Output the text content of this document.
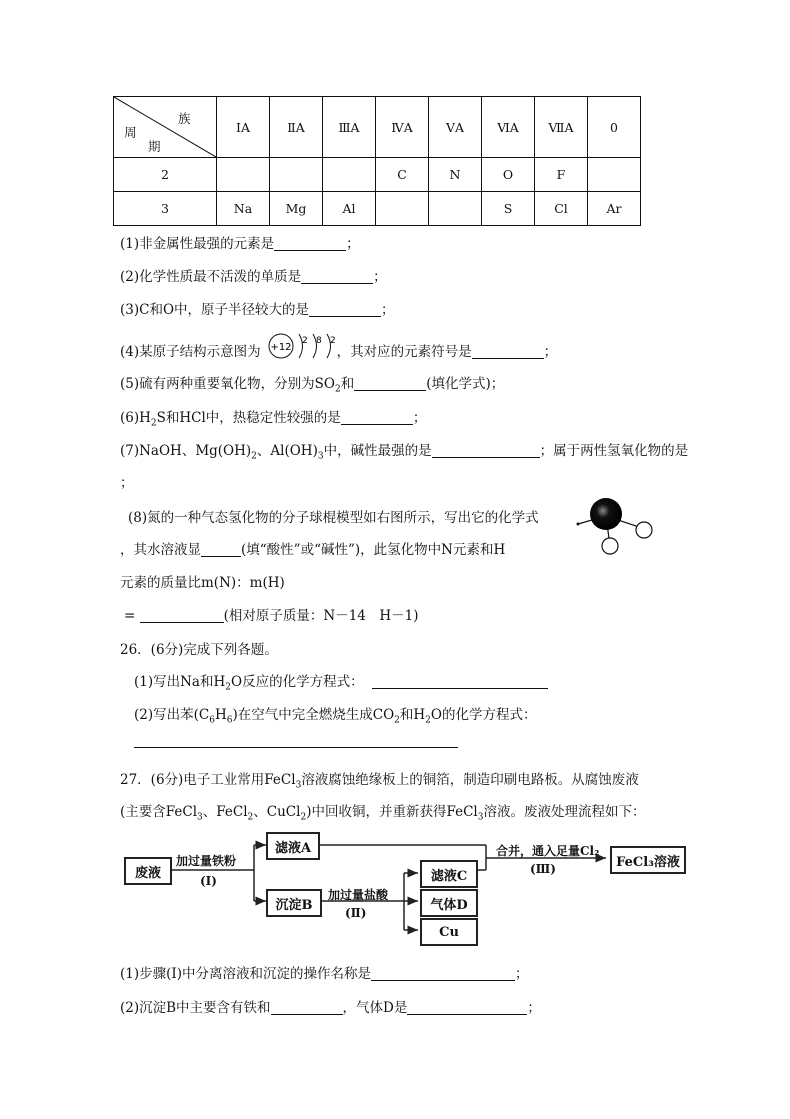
族
周
期	ⅠA	ⅡA	ⅢA	ⅣA	ⅤA	ⅥA	ⅦA	0
2				C	N	O	F	
3	Na	Mg	Al			S	Cl	Ar
(1)非金属性最强的元素是	；
(2)化学性质最不活泼的单质是	；
(3)C和O中，原子半径较大的是	；
(4)某原子结构示意图为	，其对应的元素符号是	；
+12
2 8 2
(5)硫有两种重要氧化物，分别为$SO_2$和	(填化学式)；
$(6)H_2S$和HCl中，热稳定性较强的是	；
(7)NaOH、$Mg(OH)_2$、$Al(OH)_3$中，碱性最强的是	；属于两性氢氧化物的是
；
(8)氮的一种气态氢化物的分子球棍模型如右图所示，写出它的化学式
，其水溶液显	(填“酸性”或“碱性”)，此氢化物中N元素和H
元素的质量比m(N)：m(H)
=	(相对原子质量：N－14　H－1)
26．(6分)完成下列各题。
(1)写出Na和$H_2O$反应的化学方程式：
(2)写出苯$(C_6H_6)$在空气中完全燃烧生成$CO_2$和$H_2O$的化学方程式：
27．(6分)电子工业常用FeCl$_3$溶液腐蚀绝缘板上的铜箔，制造印刷电路板。从腐蚀废液
(主要含FeCl$_3$、FeCl$_2$、CuCl$_2$)中回收铜，并重新获得FeCl$_3$溶液。废液处理流程如下：
废液
加过量铁粉
(Ⅰ)
滤液A
沉淀B
加过量盐酸
(Ⅱ)
滤液C
气体D
Cu
合并，通入足量Cl₂
(Ⅲ)	FeCl₃溶液
(1)步骤(Ⅰ)中分离溶液和沉淀的操作名称是	；
(2)沉淀B中主要含有铁和	，气体D是	；
